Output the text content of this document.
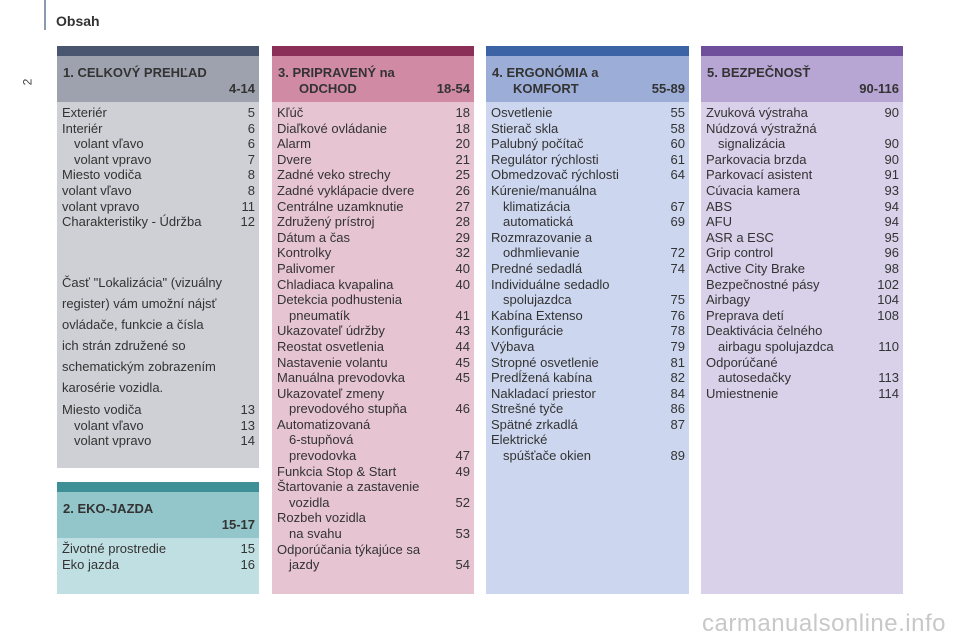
Obsah
2
1. CELKOVÝ PREHĽAD
4-14
Exteriér	5
Interiér	6
volant vľavo	6
volant vpravo	7
Miesto vodiča	8
volant vľavo	8
volant vpravo	11
Charakteristiky - Údržba	12
Časť "Lokalizácia" (vizuálny
register) vám umožní nájsť
ovládače, funkcie a čísla
ich strán združené so
schematickým zobrazením
karosérie vozidla.
Miesto vodiča	13
volant vľavo	13
volant vpravo	14
2. EKO-JAZDA
15-17
Životné prostredie	15
Eko jazda	16
3. PRIPRAVENÝ na
ODCHOD	18-54
Kľúč	18
Diaľkové ovládanie	18
Alarm	20
Dvere	21
Zadné veko strechy	25
Zadné vyklápacie dvere	26
Centrálne uzamknutie	27
Združený prístroj	28
Dátum a čas	29
Kontrolky	32
Palivomer	40
Chladiaca kvapalina	40
Detekcia podhustenia
pneumatík	41
Ukazovateľ údržby	43
Reostat osvetlenia	44
Nastavenie volantu	45
Manuálna prevodovka	45
Ukazovateľ zmeny
prevodového stupňa	46
Automatizovaná
6-stupňová
prevodovka	47
Funkcia Stop & Start	49
Štartovanie a zastavenie
vozidla	52
Rozbeh vozidla
na svahu	53
Odporúčania týkajúce sa
jazdy	54
4. ERGONÓMIA a
KOMFORT	55-89
Osvetlenie	55
Stierač skla	58
Palubný počítač	60
Regulátor rýchlosti	61
Obmedzovač rýchlosti	64
Kúrenie/manuálna
klimatizácia	67
automatická	69
Rozmrazovanie a
odhmlievanie	72
Predné sedadlá	74
Individuálne sedadlo
spolujazdca	75
Kabína Extenso	76
Konfigurácie	78
Výbava	79
Stropné osvetlenie	81
Predĺžená kabína	82
Nakladací priestor	84
Strešné tyče	86
Spätné zrkadlá	87
Elektrické
spúšťače okien	89
5. BEZPEČNOSŤ
90-116
Zvuková výstraha	90
Núdzová výstražná
signalizácia	90
Parkovacia brzda	90
Parkovací asistent	91
Cúvacia kamera	93
ABS	94
AFU	94
ASR a ESC	95
Grip control	96
Active City Brake	98
Bezpečnostné pásy	102
Airbagy	104
Preprava detí	108
Deaktivácia čelného
airbagu spolujazdca	110
Odporúčané
autosedačky	113
Umiestnenie	114
carmanualsonline.info
